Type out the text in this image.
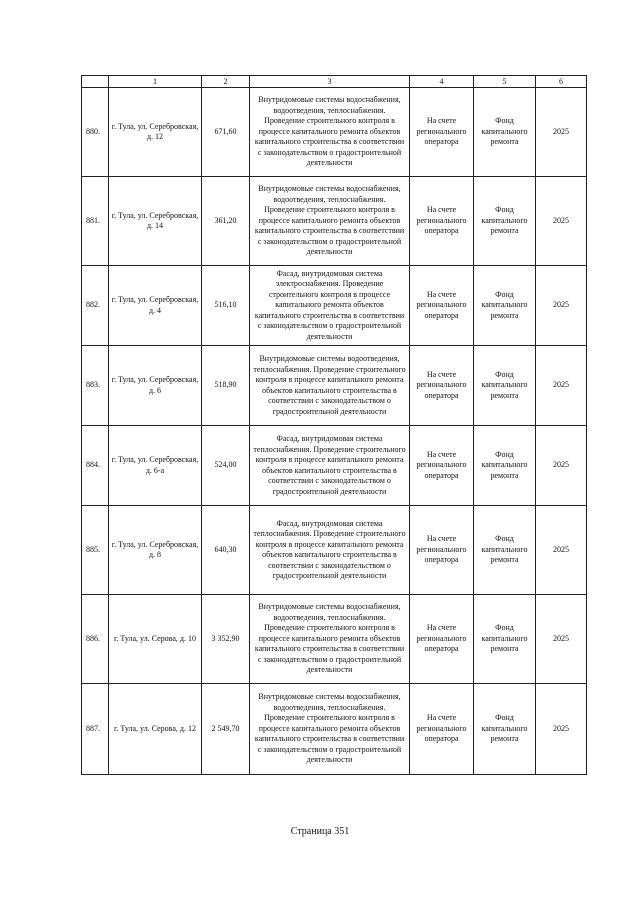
	1	2	3	4	5	6
880.	г. Тула, ул. Серебровская, д. 12	671,60	Внутридомовые системы водоснабжения, водоотведения, теплоснабжения. Проведение строительного контроля в процессе капитального ремонта объектов капитального строительства в соответствии с законодательством о градостроительной деятельности	На счете регионального оператора	Фонд капитального ремонта	2025
881.	г. Тула, ул. Серебровская, д. 14	361,20	Внутридомовые системы водоснабжения, водоотведения, теплоснабжения. Проведение строительного контроля в процессе капитального ремонта объектов капитального строительства в соответствии с законодательством о градостроительной деятельности	На счете регионального оператора	Фонд капитального ремонта	2025
882.	г. Тула, ул. Серебровская, д. 4	516,10	Фасад, внутридомовая система электроснабжения. Проведение строительного контроля в процессе капитального ремонта объектов капитального строительства в соответствии с законодательством о градостроительной деятельности	На счете регионального оператора	Фонд капитального ремонта	2025
883.	г. Тула, ул. Серебровская, д. 6	518,90	Внутридомовые системы водоотведения, теплоснабжения. Проведение строительного контроля в процессе капитального ремонта объектов капитального строительства в соответствии с законодательством о градостроительной деятельности	На счете регионального оператора	Фонд капитального ремонта	2025
884.	г. Тула, ул. Серебровская, д. 6-а	524,00	Фасад, внутридомовая система теплоснабжения. Проведение строительного контроля в процессе капитального ремонта объектов капитального строительства в соответствии с законодательством о градостроительной деятельности	На счете регионального оператора	Фонд капитального ремонта	2025
885.	г. Тула, ул. Серебровская, д. 8	640,30	Фасад, внутридомовая система теплоснабжения. Проведение строительного контроля в процессе капитального ремонта объектов капитального строительства в соответствии с законодательством о градостроительной деятельности	На счете регионального оператора	Фонд капитального ремонта	2025
886.	г. Тула, ул. Серова, д. 10	3 352,90	Внутридомовые системы водоснабжения, водоотведения, теплоснабжения. Проведение строительного контроля в процессе капитального ремонта объектов капитального строительства в соответствии с законодательством о градостроительной деятельности	На счете регионального оператора	Фонд капитального ремонта	2025
887.	г. Тула, ул. Серова, д. 12	2 549,70	Внутридомовые системы водоснабжения, водоотведения, теплоснабжения. Проведение строительного контроля в процессе капитального ремонта объектов капитального строительства в соответствии с законодательством о градостроительной деятельности	На счете регионального оператора	Фонд капитального ремонта	2025
Страница 351
